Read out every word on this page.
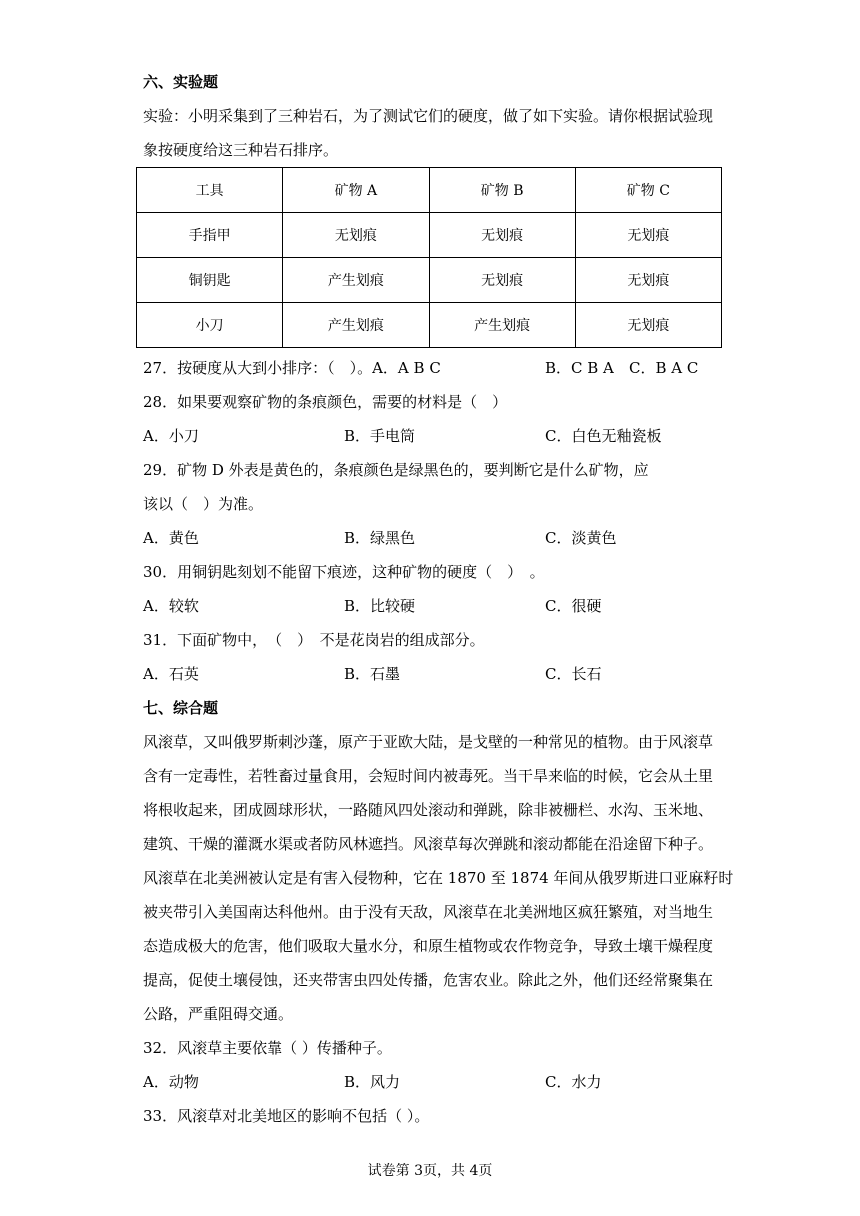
六、实验题
实验：小明采集到了三种岩石，为了测试它们的硬度，做了如下实验。请你根据试验现
象按硬度给这三种岩石排序。
工具	矿物 A	矿物 B	矿物 C
手指甲	无划痕	无划痕	无划痕
铜钥匙	产生划痕	无划痕	无划痕
小刀	产生划痕	产生划痕	无划痕
27．按硬度从大到小排序：（　）。A．A B C	B．C B A C．B A C
28．如果要观察矿物的条痕颜色，需要的材料是（　）
A．小刀	B．手电筒	C．白色无釉瓷板
29．矿物 D 外表是黄色的，条痕颜色是绿黑色的，要判断它是什么矿物，应
该以（　）为准。
A．黄色	B．绿黑色	C．淡黄色
30．用铜钥匙刻划不能留下痕迹，这种矿物的硬度（　）　。
A．较软	B．比较硬	C．很硬
31．下面矿物中，　（　）　不是花岗岩的组成部分。
A．石英	B．石墨	C．长石
七、综合题
风滚草，又叫俄罗斯刺沙蓬，原产于亚欧大陆，是戈壁的一种常见的植物。由于风滚草
含有一定毒性，若牲畜过量食用，会短时间内被毒死。当干旱来临的时候，它会从土里
将根收起来，团成圆球形状，一路随风四处滚动和弹跳，除非被栅栏、水沟、玉米地、
建筑、干燥的灌溉水渠或者防风林遮挡。风滚草每次弹跳和滚动都能在沿途留下种子。
风滚草在北美洲被认定是有害入侵物种，它在 1870 至 1874 年间从俄罗斯进口亚麻籽时
被夹带引入美国南达科他州。由于没有天敌，风滚草在北美洲地区疯狂繁殖，对当地生
态造成极大的危害，他们吸取大量水分，和原生植物或农作物竞争，导致土壤干燥程度
提高，促使土壤侵蚀，还夹带害虫四处传播，危害农业。除此之外，他们还经常聚集在
公路，严重阻碍交通。
32．风滚草主要依靠（ ）传播种子。
A．动物	B．风力	C．水力
33．风滚草对北美地区的影响不包括（ ）。
试卷第 3页，共 4页
